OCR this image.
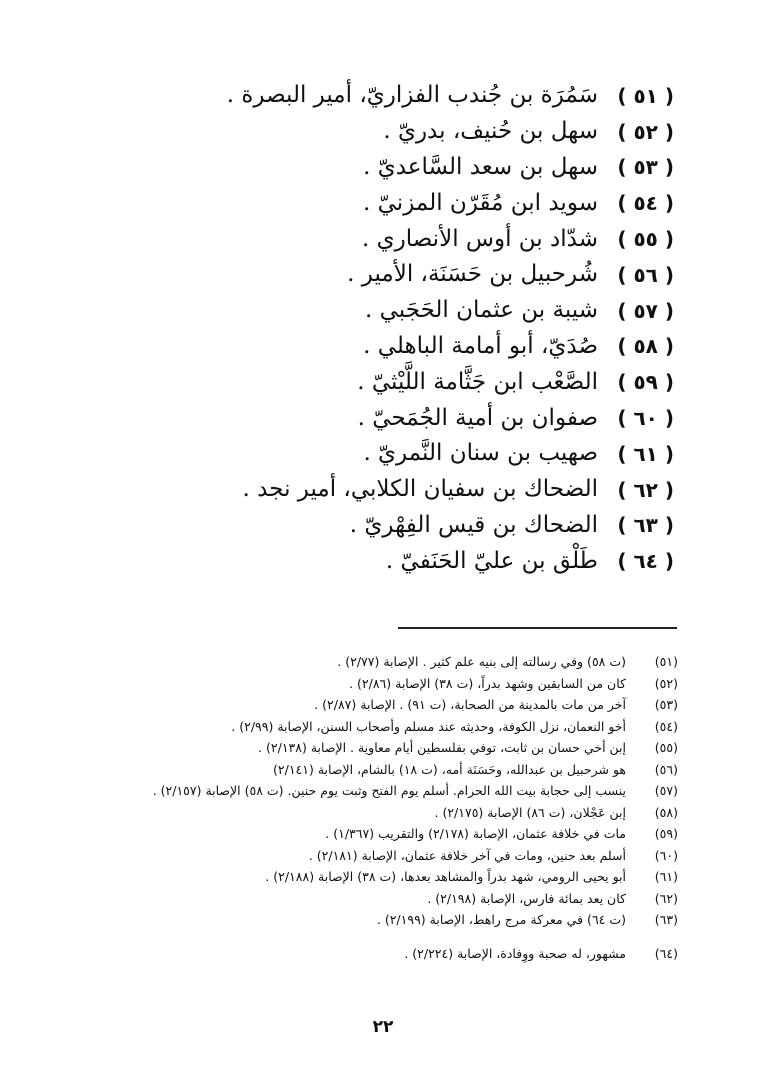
( ٥١ )
سَمُرَة بن جُندب الفزاريّ، أمير البصرة .
( ٥٢ )
سهل بن حُنيف، بدريّ .
( ٥٣ )
سهل بن سعد السَّاعديّ .
( ٥٤ )
سويد ابن مُقَرّن المزنيّ .
( ٥٥ )
شدّاد بن أوس الأنصاري .
( ٥٦ )
شُرحبيل بن حَسَنَة، الأمير .
( ٥٧ )
شيبة بن عثمان الحَجَبي .
( ٥٨ )
صُدَيّ، أبو أمامة الباهلي .
( ٥٩ )
الصَّعْب ابن جَثَّامة اللَّيْثيّ .
( ٦٠ )
صفوان بن أمية الجُمَحيّ .
( ٦١ )
صهيب بن سنان النَّمريّ .
( ٦٢ )
الضحاك بن سفيان الكلابي، أمير نجد .
( ٦٣ )
الضحاك بن قيس الفِهْريّ .
( ٦٤ )
طَلْق بن عليّ الحَنَفيّ .
(٥١)
(ت ٥٨) وفي رسالته إلى بنيه علم كثير . الإصابة (٢/٧٧) .
(٥٢)
كان من السابقين وشهد بدراً، (ت ٣٨) الإصابة (٢/٨٦) .
(٥٣)
آخر من مات بالمدينة من الصحابة، (ت ٩١) . الإصابة (٢/٨٧) .
(٥٤)
أخو النعمان، نزل الكوفة، وحديثه عند مسلم وأصحاب السنن، الإصابة (٢/٩٩) .
(٥٥)
إبن أخي حسان بن ثابت، توفي بفلسطين أيام معاوية . الإصابة (٢/١٣٨) .
(٥٦)
هو شرحبيل بن عبدالله، وحَسَنَة أمه، (ت ١٨) بالشام، الإصابة (٢/١٤١)
(٥٧)
ينسب إلى حجابة بيت الله الحرام. أسلم يوم الفتح وثبت يوم حنين. (ت ٥٨) الإصابة (٢/١٥٧) .
(٥٨)
إبن عَجْلان، (ت ٨٦) الإصابة (٢/١٧٥) .
(٥٩)
مات في خلافة عثمان، الإصابة (٢/١٧٨) والتقريب (١/٣٦٧) .
(٦٠)
أسلم بعد حنين، ومات في آخر خلافة عثمان، الإصابة (٢/١٨١) .
(٦١)
أبو يحيى الرومي، شهد بدراً والمشاهد بعدها، (ت ٣٨) الإصابة (٢/١٨٨) .
(٦٢)
كان يعد بمائة فارس، الإصابة (٢/١٩٨) .
(٦٣)
(ت ٦٤) في معركة مرج راهط، الإصابة (٢/١٩٩) .
(٦٤)
مشهور، له صحبة ووِفادة، الإصابة (٢/٢٢٤) .
٢٢
